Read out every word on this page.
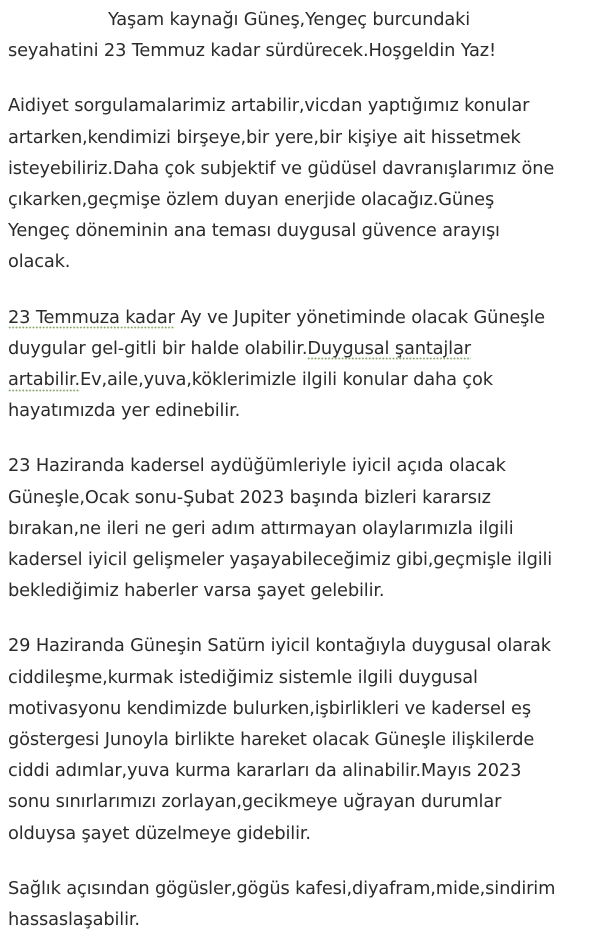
Yaşam kaynağı Güneş,Yengeç burcundaki
seyahatini 23 Temmuz kadar sürdürecek.Hoşgeldin Yaz!

Aidiyet sorgulamalarimiz artabilir,vicdan yaptığımız konular
artarken,kendimizi birşeye,bir yere,bir kişiye ait hissetmek
isteyebiliriz.Daha çok subjektif ve güdüsel davranışlarımız öne
çıkarken,geçmişe özlem duyan enerjide olacağız.Güneş
Yengeç döneminin ana teması duygusal güvence arayışı
olacak.

23 Temmuza kadar Ay ve Jupiter yönetiminde olacak Güneşle
duygular gel-gitli bir halde olabilir.Duygusal şantajlar
artabilir.Ev,aile,yuva,köklerimizle ilgili konular daha çok
hayatımızda yer edinebilir.

23 Haziranda kadersel aydüğümleriyle iyicil açıda olacak
Güneşle,Ocak sonu-Şubat 2023 başında bizleri kararsız
bırakan,ne ileri ne geri adım attırmayan olaylarımızla ilgili
kadersel iyicil gelişmeler yaşayabileceğimiz gibi,geçmişle ilgili
beklediğimiz haberler varsa şayet gelebilir.

29 Haziranda Güneşin Satürn iyicil kontağıyla duygusal olarak
ciddileşme,kurmak istediğimiz sistemle ilgili duygusal
motivasyonu kendimizde bulurken,işbirlikleri ve kadersel eş
göstergesi Junoyla birlikte hareket olacak Güneşle ilişkilerde
ciddi adımlar,yuva kurma kararları da alinabilir.Mayıs 2023
sonu sınırlarımızı zorlayan,gecikmeye uğrayan durumlar
olduysa şayet düzelmeye gidebilir.

Sağlık açısından gögüsler,gögüs kafesi,diyafram,mide,sindirim
hassaslaşabilir.
